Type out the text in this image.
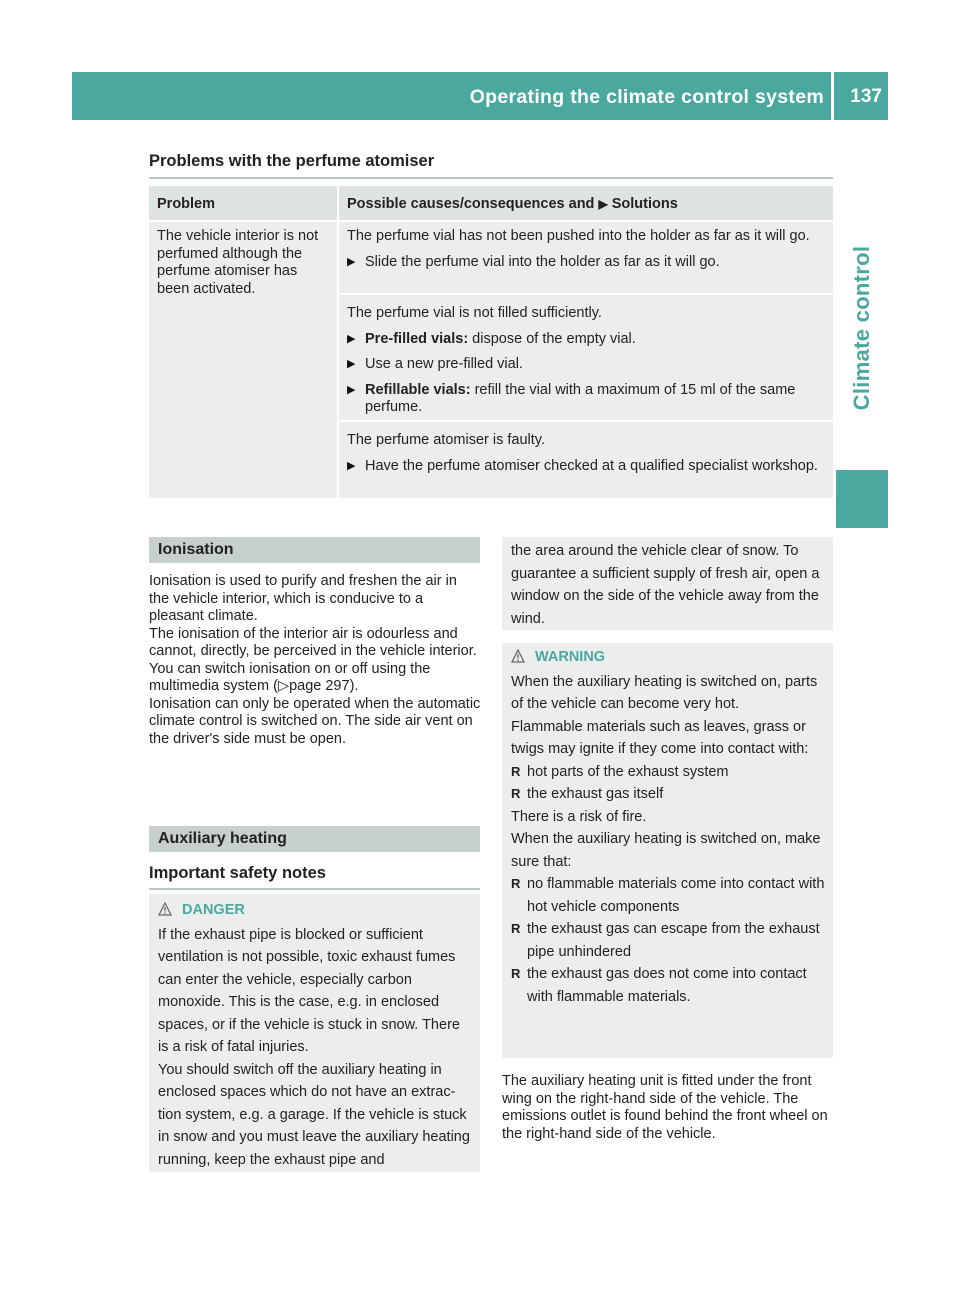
Operating the climate control system 137
Climate control
Problems with the perfume atomiser
Problem	Possible causes/consequences and ▶ Solutions
The vehicle interior is not perfumed although the perfume atomiser has been activated.
The perfume vial has not been pushed into the holder as far as it will go.
▶ Slide the perfume vial into the holder as far as it will go.
The perfume vial is not filled sufficiently.
▶ Pre-filled vials: dispose of the empty vial.
▶ Use a new pre-filled vial.
▶ Refillable vials: refill the vial with a maximum of 15 ml of the same perfume.
The perfume atomiser is faulty.
▶ Have the perfume atomiser checked at a qualified specialist workshop.
Ionisation

Ionisation is used to purify and freshen the air in the vehicle interior, which is conducive to a pleasant climate.

The ionisation of the interior air is odourless and cannot, directly, be perceived in the vehicle interior.

You can switch ionisation on or off using the multimedia system (▷page 297).

Ionisation can only be operated when the automatic climate control is switched on. The side air vent on the driver's side must be open.

Auxiliary heating
Important safety notes
DANGER
If the exhaust pipe is blocked or sufficient ventilation is not possible, toxic exhaust fumes can enter the vehicle, especially carbon monoxide. This is the case, e.g. in enclosed spaces, or if the vehicle is stuck in snow. There is a risk of fatal injuries.
You should switch off the auxiliary heating in enclosed spaces which do not have an extraction system, e.g. a garage. If the vehicle is stuck in snow and you must leave the auxiliary heating running, keep the exhaust pipe and
the area around the vehicle clear of snow. To guarantee a sufficient supply of fresh air, open a window on the side of the vehicle away from the wind.
WARNING
When the auxiliary heating is switched on, parts of the vehicle can become very hot.
Flammable materials such as leaves, grass or twigs may ignite if they come into contact with:
R hot parts of the exhaust system
R the exhaust gas itself
There is a risk of fire.
When the auxiliary heating is switched on, make sure that:
R no flammable materials come into contact with hot vehicle components
R the exhaust gas can escape from the exhaust pipe unhindered
R the exhaust gas does not come into contact with flammable materials.
The auxiliary heating unit is fitted under the front wing on the right-hand side of the vehicle. The emissions outlet is found behind the front wheel on the right-hand side of the vehicle.
